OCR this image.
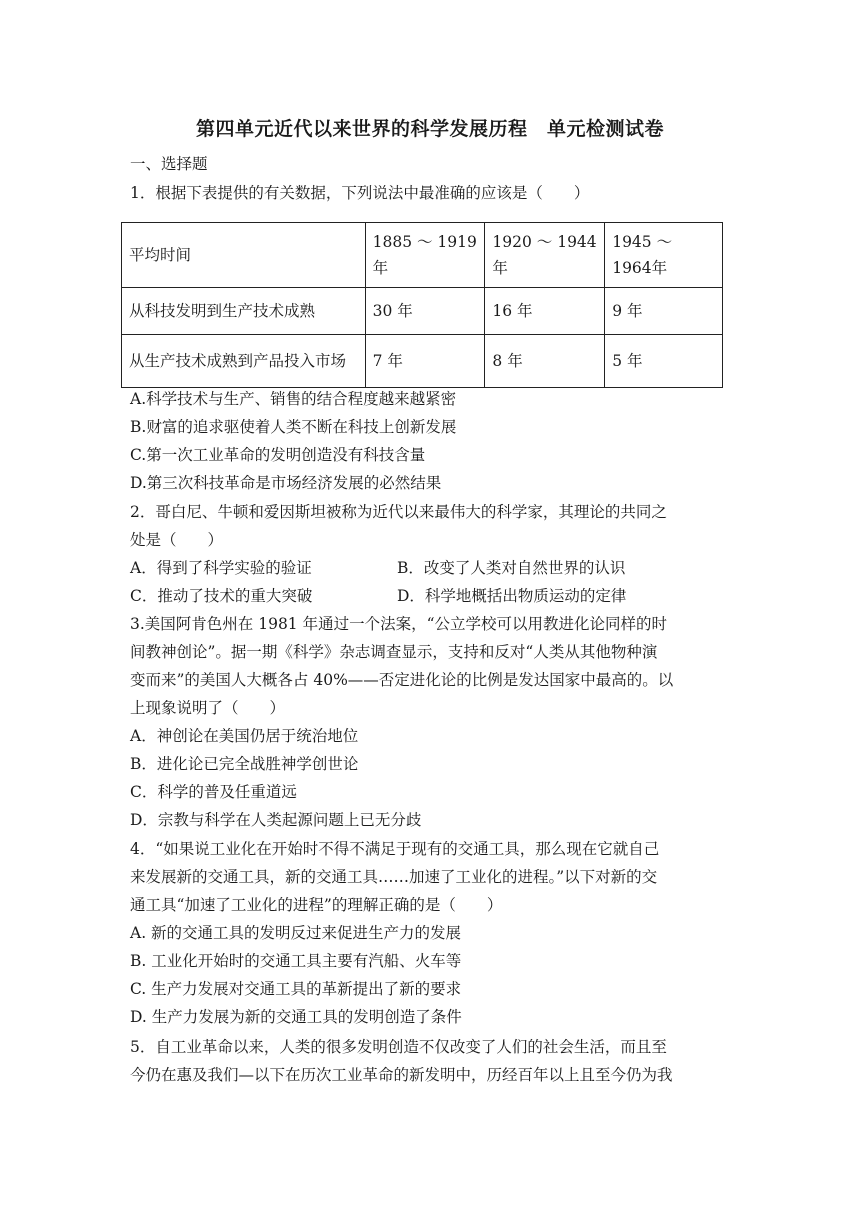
第四单元近代以来世界的科学发展历程　单元检测试卷
一、选择题
1．根据下表提供的有关数据，下列说法中最准确的应该是（　　）
平均时间	1885 ～ 1919年	1920 ～ 1944年	1945 ～ 1964年
从科技发明到生产技术成熟	30 年	16 年	9 年
从生产技术成熟到产品投入市场	7 年	8 年	5 年
A.科学技术与生产、销售的结合程度越来越紧密
B.财富的追求驱使着人类不断在科技上创新发展
C.第一次工业革命的发明创造没有科技含量
D.第三次科技革命是市场经济发展的必然结果
2．哥白尼、牛顿和爱因斯坦被称为近代以来最伟大的科学家，其理论的共同之
处是（　　）
A．得到了科学实验的验证	B．改变了人类对自然世界的认识
C．推动了技术的重大突破	D．科学地概括出物质运动的定律
3.美国阿肯色州在 1981 年通过一个法案，“公立学校可以用教进化论同样的时
间教神创论”。据一期《科学》杂志调查显示，支持和反对“人类从其他物种演
变而来”的美国人大概各占 40%——否定进化论的比例是发达国家中最高的。以
上现象说明了（　　）
A．神创论在美国仍居于统治地位
B．进化论已完全战胜神学创世论
C．科学的普及任重道远
D．宗教与科学在人类起源问题上已无分歧
4．“如果说工业化在开始时不得不满足于现有的交通工具，那么现在它就自己
来发展新的交通工具，新的交通工具……加速了工业化的进程。”以下对新的交
通工具“加速了工业化的进程”的理解正确的是（　　）
A. 新的交通工具的发明反过来促进生产力的发展
B. 工业化开始时的交通工具主要有汽船、火车等
C. 生产力发展对交通工具的革新提出了新的要求
D. 生产力发展为新的交通工具的发明创造了条件
5．自工业革命以来，人类的很多发明创造不仅改变了人们的社会生活，而且至
今仍在惠及我们—以下在历次工业革命的新发明中，历经百年以上且至今仍为我
